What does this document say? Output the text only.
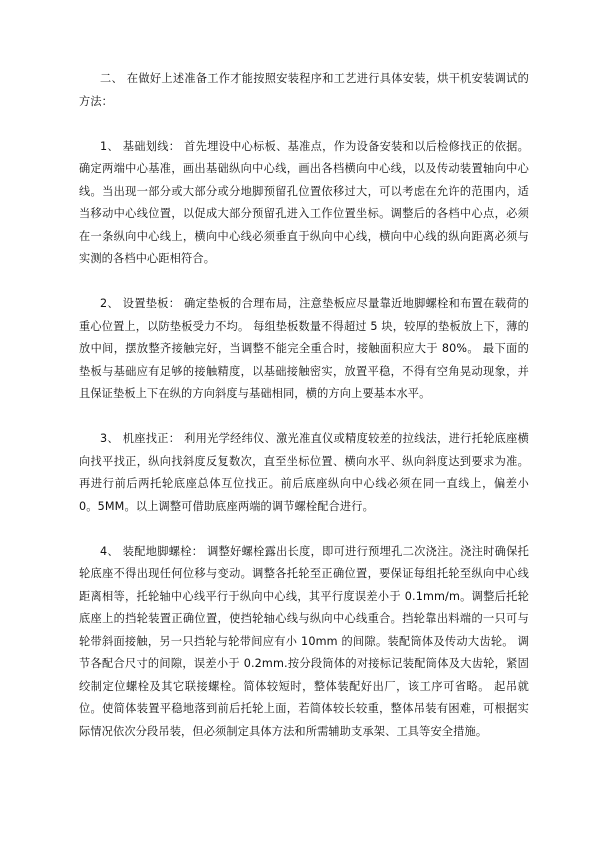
二、 在做好上述准备工作才能按照安装程序和工艺进行具体安装，烘干机安装调试的方法：

1、 基础划线： 首先埋设中心标板、基准点，作为设备安装和以后检修找正的依据。 确定两端中心基准，画出基础纵向中心线，画出各档横向中心线，以及传动装置轴向中心线。当出现一部分或大部分或分地脚预留孔位置依移过大，可以考虑在允许的范围内，适当移动中心线位置，以促成大部分预留孔进入工作位置坐标。调整后的各档中心点，必须在一条纵向中心线上，横向中心线必须垂直于纵向中心线，横向中心线的纵向距离必须与实测的各档中心距相符合。

2、 设置垫板： 确定垫板的合理布局，注意垫板应尽量靠近地脚螺栓和布置在载荷的重心位置上，以防垫板受力不均。 每组垫板数量不得超过 5 块，较厚的垫板放上下，薄的放中间，摆放整齐接触完好，当调整不能完全重合时，接触面积应大于 80%。 最下面的垫板与基础应有足够的接触精度，以基础接触密实，放置平稳，不得有空角晃动现象，并且保证垫板上下在纵的方向斜度与基础相同，横的方向上要基本水平。

3、 机座找正： 利用光学经纬仪、激光准直仪或精度较差的拉线法，进行托轮底座横向找平找正，纵向找斜度反复数次，直至坐标位置、横向水平、纵向斜度达到要求为准。 再进行前后两托轮底座总体互位找正。前后底座纵向中心线必须在同一直线上，偏差小 0。5MM。以上调整可借助底座两端的调节螺栓配合进行。

4、 装配地脚螺栓： 调整好螺栓露出长度，即可进行预埋孔二次浇注。浇注时确保托轮底座不得出现任何位移与变动。调整各托轮至正确位置，要保证每组托轮至纵向中心线距离相等，托轮轴中心线平行于纵向中心线，其平行度误差小于 0.1mm/m。调整后托轮底座上的挡轮装置正确位置，使挡轮轴心线与纵向中心线重合。挡轮靠出料端的一只可与轮带斜面接触，另一只挡轮与轮带间应有小 10mm 的间隙。装配筒体及传动大齿轮。 调节各配合尺寸的间隙，误差小于 0.2mm.按分段筒体的对接标记装配筒体及大齿轮，紧固绞制定位螺栓及其它联接螺栓。简体较短时，整体装配好出厂，该工序可省略。 起吊就位。使简体装置平稳地落到前后托轮上面，若简体较长较重，整体吊装有困难，可根据实际情况依次分段吊装，但必须制定具体方法和所需辅助支承架、工具等安全措施。
